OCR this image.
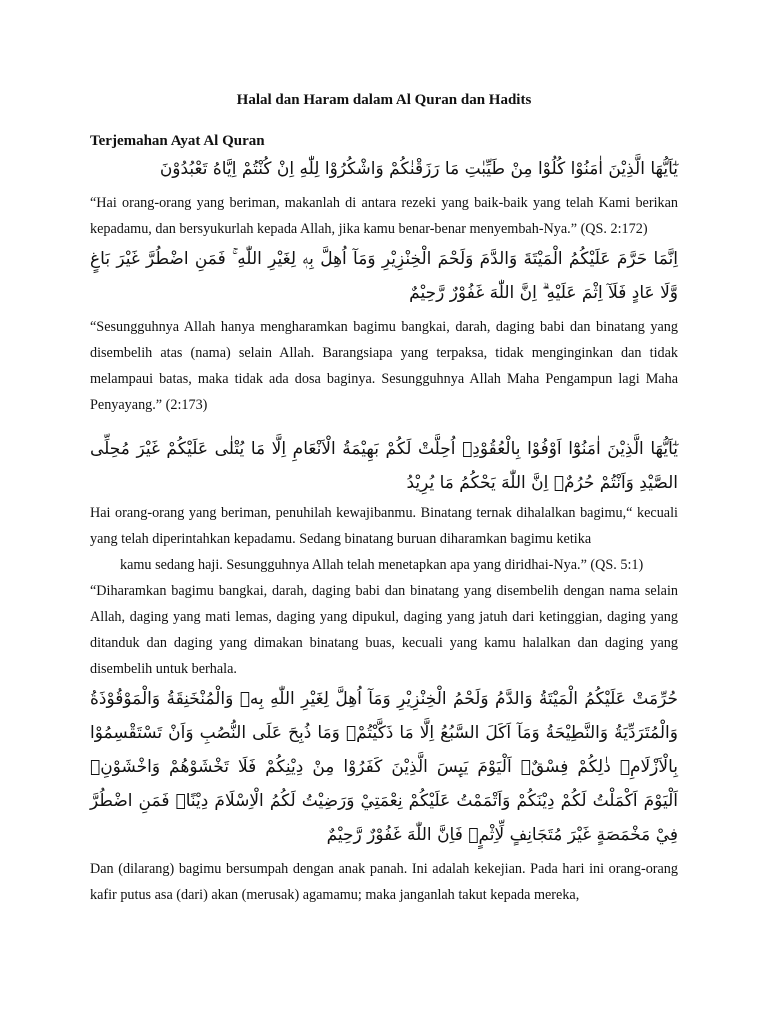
Halal dan Haram dalam Al Quran dan Hadits
Terjemahan Ayat Al Quran

يٰٓاَيُّهَا الَّذِيْنَ اٰمَنُوْا كُلُوْا مِنْ طَيِّبٰتِ مَا رَزَقْنٰكُمْ وَاشْكُرُوْا لِلّٰهِ اِنْ كُنْتُمْ اِيَّاهُ تَعْبُدُوْنَ

“Hai orang-orang yang beriman, makanlah di antara rezeki yang baik-baik yang telah Kami berikan kepadamu, dan bersyukurlah kepada Allah, jika kamu benar-benar menyembah-Nya.” (QS. 2:172)

اِنَّمَا حَرَّمَ عَلَيْكُمُ الْمَيْتَةَ وَالدَّمَ وَلَحْمَ الْخِنْزِيْرِ وَمَآ اُهِلَّ بِهٖ لِغَيْرِ اللّٰهِ ۚ فَمَنِ اضْطُرَّ غَيْرَ بَاغٍ وَّلَا عَادٍ فَلَآ اِثْمَ عَلَيْهِ ۗ اِنَّ اللّٰهَ غَفُوْرٌ رَّحِيْمٌ

“Sesungguhnya Allah hanya mengharamkan bagimu bangkai, darah, daging babi dan binatang yang disembelih atas (nama) selain Allah. Barangsiapa yang terpaksa, tidak menginginkan dan tidak melampaui batas, maka tidak ada dosa baginya. Sesungguhnya Allah Maha Pengampun lagi Maha Penyayang.” (2:173)

يٰٓاَيُّهَا الَّذِيْنَ اٰمَنُوْٓا اَوْفُوْا بِالْعُقُوْدِۗ اُحِلَّتْ لَكُمْ بَهِيْمَةُ الْاَنْعَامِ اِلَّا مَا يُتْلٰى عَلَيْكُمْ غَيْرَ مُحِلِّى الصَّيْدِ وَاَنْتُمْ حُرُمٌۗ اِنَّ اللّٰهَ يَحْكُمُ مَا يُرِيْدُ

Hai orang-orang yang beriman, penuhilah kewajibanmu. Binatang ternak dihalalkan bagimu,“ kecuali yang telah diperintahkan kepadamu. Sedang binatang buruan diharamkan bagimu ketika

kamu sedang haji. Sesungguhnya Allah telah menetapkan apa yang diridhai-Nya.” (QS. 5:1)

“Diharamkan bagimu bangkai, darah, daging babi dan binatang yang disembelih dengan nama selain Allah, daging yang mati lemas, daging yang dipukul, daging yang jatuh dari ketinggian, daging yang ditanduk dan daging yang dimakan binatang buas, kecuali yang kamu halalkan dan daging yang disembelih untuk berhala.

حُرِّمَتْ عَلَيْكُمُ الْمَيْتَةُ وَالدَّمُ وَلَحْمُ الْخِنْزِيْرِ وَمَآ اُهِلَّ لِغَيْرِ اللّٰهِ بِهٖ وَالْمُنْخَنِقَةُ وَالْمَوْقُوْذَةُ وَالْمُتَرَدِّيَةُ وَالنَّطِيْحَةُ وَمَآ اَكَلَ السَّبُعُ اِلَّا مَا ذَكَّيْتُمْۗ وَمَا ذُبِحَ عَلَى النُّصُبِ وَاَنْ تَسْتَقْسِمُوْا بِالْاَزْلَامِۗ ذٰلِكُمْ فِسْقٌۗ اَلْيَوْمَ يَىِٕسَ الَّذِيْنَ كَفَرُوْا مِنْ دِيْنِكُمْ فَلَا تَخْشَوْهُمْ وَاخْشَوْنِۗ اَلْيَوْمَ اَكْمَلْتُ لَكُمْ دِيْنَكُمْ وَاَتْمَمْتُ عَلَيْكُمْ نِعْمَتِيْ وَرَضِيْتُ لَكُمُ الْاِسْلَامَ دِيْنًاۗ فَمَنِ اضْطُرَّ فِيْ مَخْمَصَةٍ غَيْرَ مُتَجَانِفٍ لِّاِثْمٍۙ فَاِنَّ اللّٰهَ غَفُوْرٌ رَّحِيْمٌ

Dan (dilarang) bagimu bersumpah dengan anak panah. Ini adalah kekejian. Pada hari ini orang-orang kafir putus asa (dari) akan (merusak) agamamu; maka janganlah takut kepada mereka,
